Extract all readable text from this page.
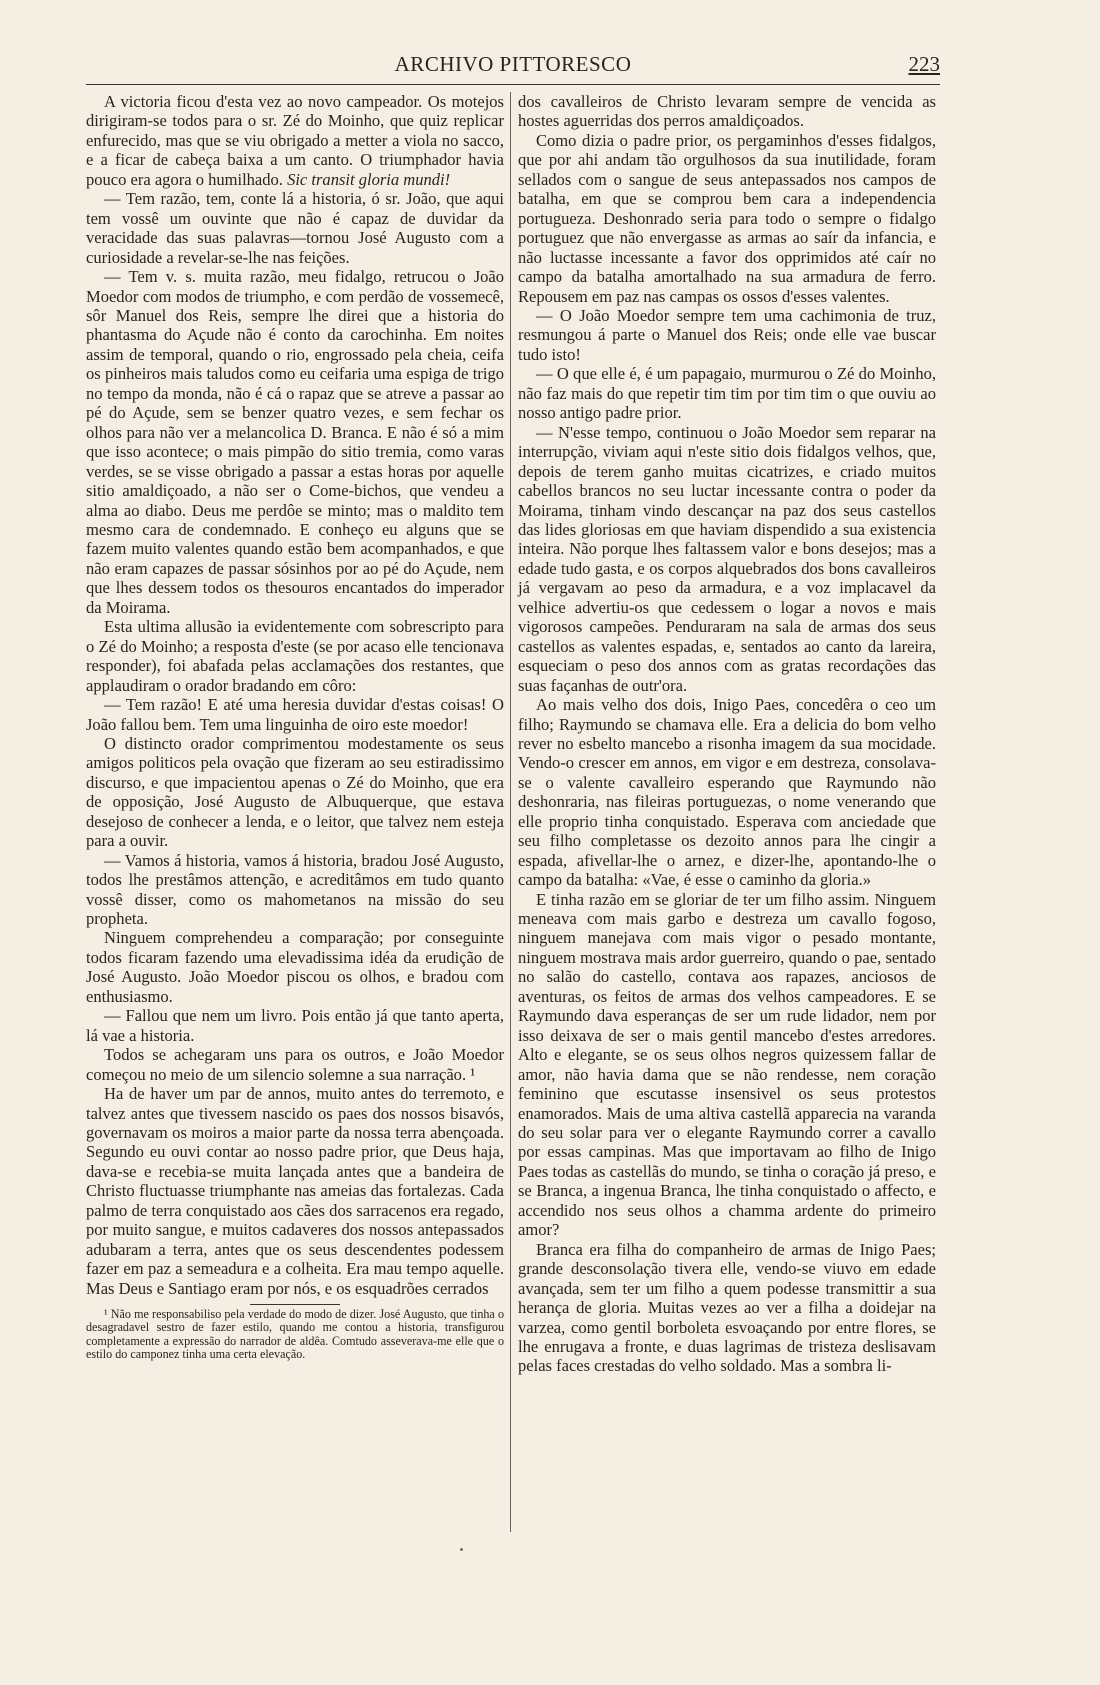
ARCHIVO PITTORESCO	223

A victoria ficou d'esta vez ao novo campeador. Os motejos dirigiram-se todos para o sr. Zé do Moinho, que quiz replicar enfurecido, mas que se viu obrigado a metter a viola no sacco, e a ficar de cabeça baixa a um canto. O triumphador havia pouco era agora o humilhado. Sic transit gloria mundi!

— Tem razão, tem, conte lá a historia, ó sr. João, que aqui tem vossê um ouvinte que não é capaz de duvidar da veracidade das suas palavras—tornou José Augusto com a curiosidade a revelar-se-lhe nas feições.

— Tem v. s. muita razão, meu fidalgo, retrucou o João Moedor com modos de triumpho, e com perdão de vossemecê, sôr Manuel dos Reis, sempre lhe direi que a historia do phantasma do Açude não é conto da carochinha. Em noites assim de temporal, quando o rio, engrossado pela cheia, ceifa os pinheiros mais taludos como eu ceifaria uma espiga de trigo no tempo da monda, não é cá o rapaz que se atreve a passar ao pé do Açude, sem se benzer quatro vezes, e sem fechar os olhos para não ver a melancolica D. Branca. E não é só a mim que isso acontece; o mais pimpão do sitio tremia, como varas verdes, se se visse obrigado a passar a estas horas por aquelle sitio amaldiçoado, a não ser o Come-bichos, que vendeu a alma ao diabo. Deus me perdôe se minto; mas o maldito tem mesmo cara de condemnado. E conheço eu alguns que se fazem muito valentes quando estão bem acompanhados, e que não eram capazes de passar sósinhos por ao pé do Açude, nem que lhes dessem todos os thesouros encantados do imperador da Moirama.

Esta ultima allusão ia evidentemente com sobrescripto para o Zé do Moinho; a resposta d'este (se por acaso elle tencionava responder), foi abafada pelas acclamações dos restantes, que applaudiram o orador bradando em côro:

— Tem razão! E até uma heresia duvidar d'estas coisas! O João fallou bem. Tem uma linguinha de oiro este moedor!

O distincto orador comprimentou modestamente os seus amigos politicos pela ovação que fizeram ao seu estiradissimo discurso, e que impacientou apenas o Zé do Moinho, que era de opposição, José Augusto de Albuquerque, que estava desejoso de conhecer a lenda, e o leitor, que talvez nem esteja para a ouvir.

— Vamos á historia, vamos á historia, bradou José Augusto, todos lhe prestâmos attenção, e acreditâmos em tudo quanto vossê disser, como os mahometanos na missão do seu propheta.

Ninguem comprehendeu a comparação; por conseguinte todos ficaram fazendo uma elevadissima idéa da erudição de José Augusto. João Moedor piscou os olhos, e bradou com enthusiasmo.

— Fallou que nem um livro. Pois então já que tanto aperta, lá vae a historia.

Todos se achegaram uns para os outros, e João Moedor começou no meio de um silencio solemne a sua narração. ¹

Ha de haver um par de annos, muito antes do terremoto, e talvez antes que tivessem nascido os paes dos nossos bisavós, governavam os moiros a maior parte da nossa terra abençoada. Segundo eu ouvi contar ao nosso padre prior, que Deus haja, dava-se e recebia-se muita lançada antes que a bandeira de Christo fluctuasse triumphante nas ameias das fortalezas. Cada palmo de terra conquistado aos cães dos sarracenos era regado, por muito sangue, e muitos cadaveres dos nossos antepassados adubaram a terra, antes que os seus descendentes podessem fazer em paz a semeadura e a colheita. Era mau tempo aquelle. Mas Deus e Santiago eram por nós, e os esquadrões cerrados

¹ Não me responsabiliso pela verdade do modo de dizer. José Augusto, que tinha o desagradavel sestro de fazer estilo, quando me contou a historia, transfigurou completamente a expressão do narrador de aldêa. Comtudo asseverava-me elle que o estilo do camponez tinha uma certa elevação.

dos cavalleiros de Christo levaram sempre de vencida as hostes aguerridas dos perros amaldiçoados.

Como dizia o padre prior, os pergaminhos d'esses fidalgos, que por ahi andam tão orgulhosos da sua inutilidade, foram sellados com o sangue de seus antepassados nos campos de batalha, em que se comprou bem cara a independencia portugueza. Deshonrado seria para todo o sempre o fidalgo portuguez que não envergasse as armas ao saír da infancia, e não luctasse incessante a favor dos opprimidos até caír no campo da batalha amortalhado na sua armadura de ferro. Repousem em paz nas campas os ossos d'esses valentes.

— O João Moedor sempre tem uma cachimonia de truz, resmungou á parte o Manuel dos Reis; onde elle vae buscar tudo isto!

— O que elle é, é um papagaio, murmurou o Zé do Moinho, não faz mais do que repetir tim tim por tim tim o que ouviu ao nosso antigo padre prior.

— N'esse tempo, continuou o João Moedor sem reparar na interrupção, viviam aqui n'este sitio dois fidalgos velhos, que, depois de terem ganho muitas cicatrizes, e criado muitos cabellos brancos no seu luctar incessante contra o poder da Moirama, tinham vindo descançar na paz dos seus castellos das lides gloriosas em que haviam dispendido a sua existencia inteira. Não porque lhes faltassem valor e bons desejos; mas a edade tudo gasta, e os corpos alquebrados dos bons cavalleiros já vergavam ao peso da armadura, e a voz implacavel da velhice advertiu-os que cedessem o logar a novos e mais vigorosos campeões. Penduraram na sala de armas dos seus castellos as valentes espadas, e, sentados ao canto da lareira, esqueciam o peso dos annos com as gratas recordações das suas façanhas de outr'ora.

Ao mais velho dos dois, Inigo Paes, concedêra o ceo um filho; Raymundo se chamava elle. Era a delicia do bom velho rever no esbelto mancebo a risonha imagem da sua mocidade. Vendo-o crescer em annos, em vigor e em destreza, consolava-se o valente cavalleiro esperando que Raymundo não deshonraria, nas fileiras portuguezas, o nome venerando que elle proprio tinha conquistado. Esperava com anciedade que seu filho completasse os dezoito annos para lhe cingir a espada, afivellar-lhe o arnez, e dizer-lhe, apontando-lhe o campo da batalha: «Vae, é esse o caminho da gloria.»

E tinha razão em se gloriar de ter um filho assim. Ninguem meneava com mais garbo e destreza um cavallo fogoso, ninguem manejava com mais vigor o pesado montante, ninguem mostrava mais ardor guerreiro, quando o pae, sentado no salão do castello, contava aos rapazes, anciosos de aventuras, os feitos de armas dos velhos campeadores. E se Raymundo dava esperanças de ser um rude lidador, nem por isso deixava de ser o mais gentil mancebo d'estes arredores. Alto e elegante, se os seus olhos negros quizessem fallar de amor, não havia dama que se não rendesse, nem coração feminino que escutasse insensivel os seus protestos enamorados. Mais de uma altiva castellã apparecia na varanda do seu solar para ver o elegante Raymundo correr a cavallo por essas campinas. Mas que importavam ao filho de Inigo Paes todas as castellãs do mundo, se tinha o coração já preso, e se Branca, a ingenua Branca, lhe tinha conquistado o affecto, e accendido nos seus olhos a chamma ardente do primeiro amor?

Branca era filha do companheiro de armas de Inigo Paes; grande desconsolação tivera elle, vendo-se viuvo em edade avançada, sem ter um filho a quem podesse transmittir a sua herança de gloria. Muitas vezes ao ver a filha a doidejar na varzea, como gentil borboleta esvoaçando por entre flores, se lhe enrugava a fronte, e duas lagrimas de tristeza deslisavam pelas faces crestadas do velho soldado. Mas a sombra li-
